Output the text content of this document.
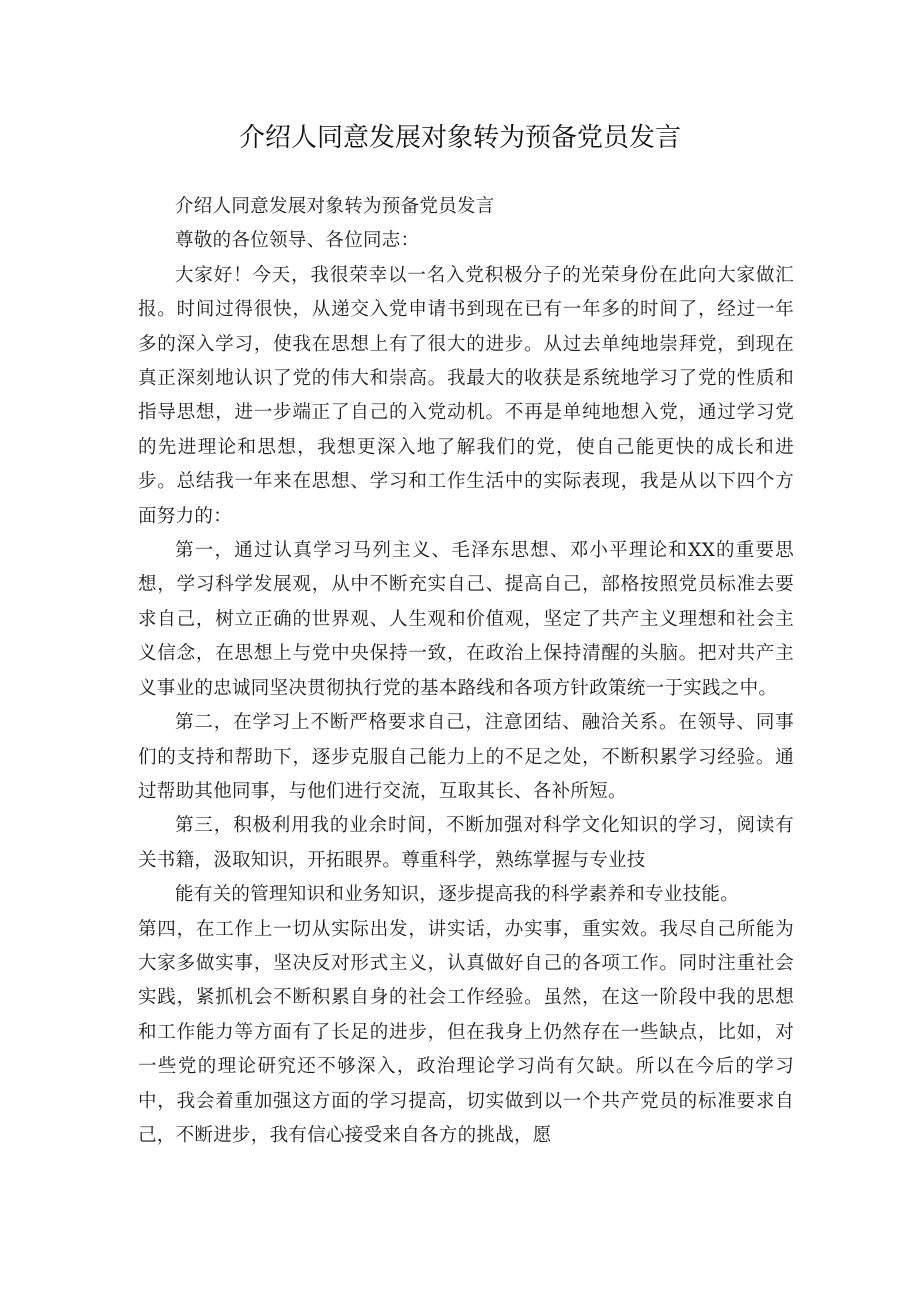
介绍人同意发展对象转为预备党员发言

介绍人同意发展对象转为预备党员发言

尊敬的各位领导、各位同志：

大家好！今天，我很荣幸以一名入党积极分子的光荣身份在此向大家做汇报。时间过得很快，从递交入党申请书到现在已有一年多的时间了，经过一年多的深入学习，使我在思想上有了很大的进步。从过去单纯地崇拜党，到现在真正深刻地认识了党的伟大和崇高。我最大的收获是系统地学习了党的性质和指导思想，进一步端正了自己的入党动机。不再是单纯地想入党，通过学习党的先进理论和思想，我想更深入地了解我们的党，使自己能更快的成长和进步。总结我一年来在思想、学习和工作生活中的实际表现，我是从以下四个方面努力的：

第一，通过认真学习马列主义、毛泽东思想、邓小平理论和XX的重要思想，学习科学发展观，从中不断充实自己、提高自己，部格按照党员标准去要求自己，树立正确的世界观、人生观和价值观，坚定了共产主义理想和社会主义信念，在思想上与党中央保持一致，在政治上保持清醒的头脑。把对共产主义事业的忠诚同坚决贯彻执行党的基本路线和各项方针政策统一于实践之中。

第二，在学习上不断严格要求自己，注意团结、融洽关系。在领导、同事们的支持和帮助下，逐步克服自己能力上的不足之处，不断积累学习经验。通过帮助其他同事，与他们进行交流，互取其长、各补所短。

第三，积极利用我的业余时间，不断加强对科学文化知识的学习，阅读有关书籍，汲取知识，开拓眼界。尊重科学，熟练掌握与专业技

能有关的管理知识和业务知识，逐步提高我的科学素养和专业技能。

第四，在工作上一切从实际出发，讲实话，办实事，重实效。我尽自己所能为大家多做实事，坚决反对形式主义，认真做好自己的各项工作。同时注重社会实践，紧抓机会不断积累自身的社会工作经验。虽然，在这一阶段中我的思想和工作能力等方面有了长足的进步，但在我身上仍然存在一些缺点，比如，对一些党的理论研究还不够深入，政治理论学习尚有欠缺。所以在今后的学习中，我会着重加强这方面的学习提高，切实做到以一个共产党员的标准要求自己，不断进步，我有信心接受来自各方的挑战，愿
